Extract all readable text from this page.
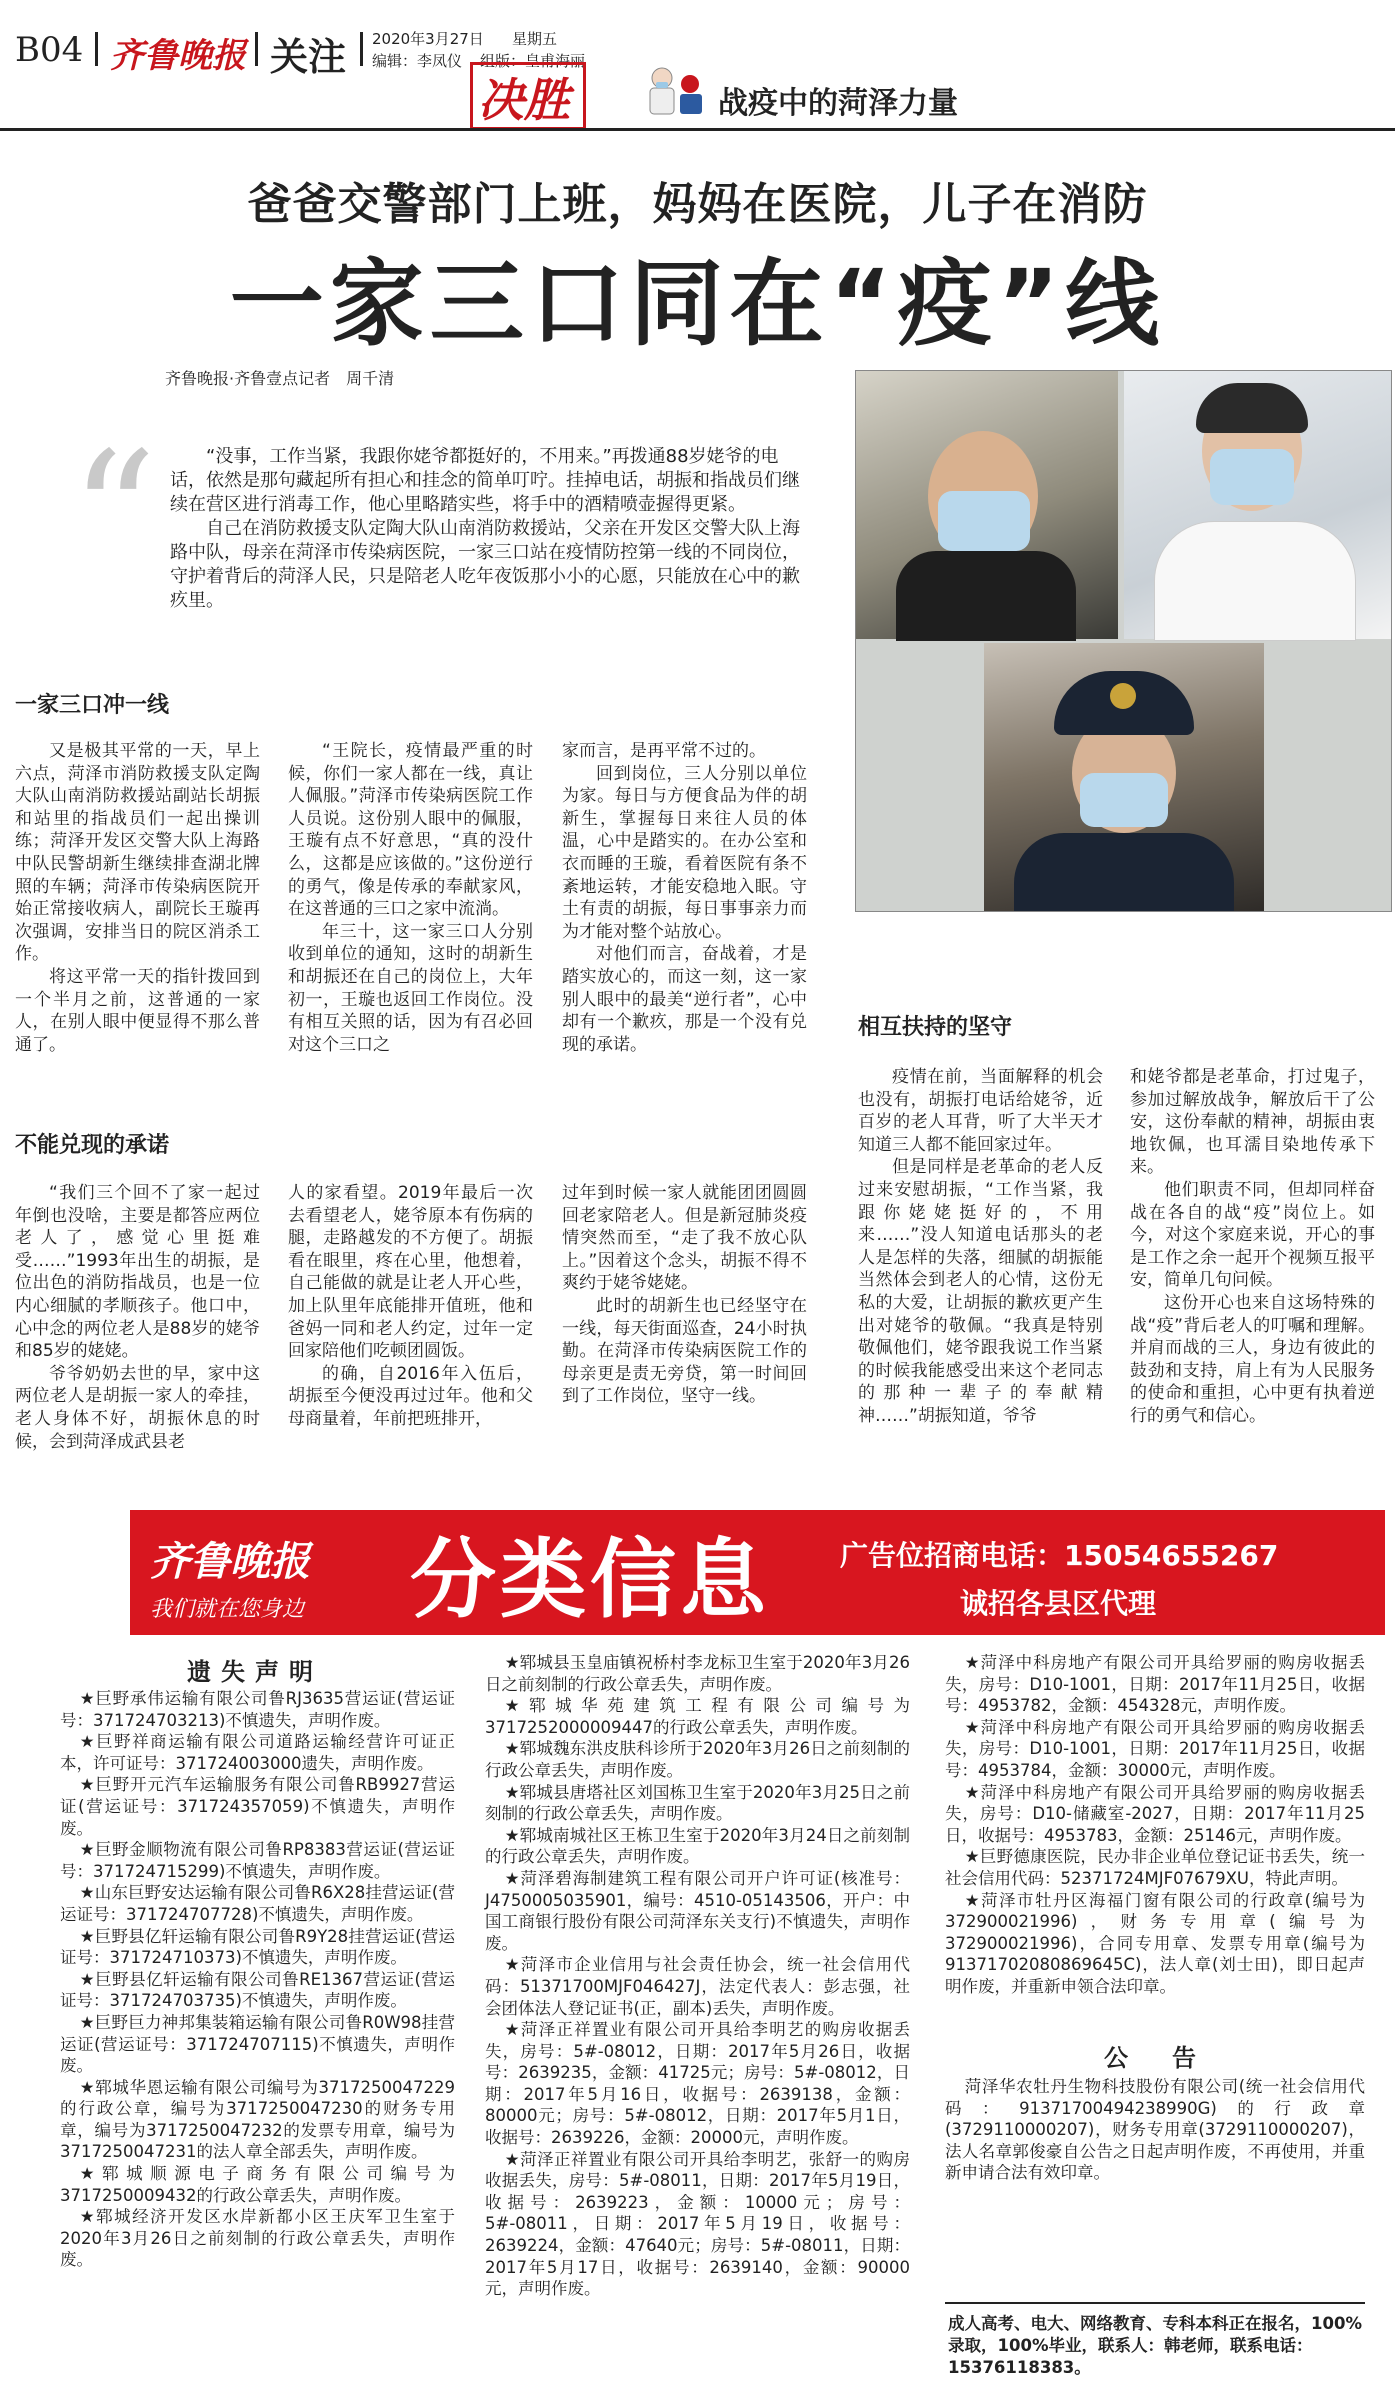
B04 齐鲁晚报 关注 2020年3月27日 星期五
编辑：李凤仪 组版：皇甫海丽
决胜	战疫中的菏泽力量
爸爸交警部门上班，妈妈在医院，儿子在消防
一家三口同在“疫”线
齐鲁晚报·齐鲁壹点记者　周千清
“	“没事，工作当紧，我跟你姥爷都挺好的，不用来。”再拨通88岁姥爷的电话，依然是那句藏起所有担心和挂念的简单叮咛。挂掉电话，胡振和指战员们继续在营区进行消毒工作，他心里略踏实些，将手中的酒精喷壶握得更紧。

自己在消防救援支队定陶大队山南消防救援站，父亲在开发区交警大队上海路中队，母亲在菏泽市传染病医院，一家三口站在疫情防控第一线的不同岗位，守护着背后的菏泽人民，只是陪老人吃年夜饭那小小的心愿，只能放在心中的歉疚里。

一家三口冲一线

又是极其平常的一天，早上六点，菏泽市消防救援支队定陶大队山南消防救援站副站长胡振和站里的指战员们一起出操训练；菏泽开发区交警大队上海路中队民警胡新生继续排查湖北牌照的车辆；菏泽市传染病医院开始正常接收病人，副院长王璇再次强调，安排当日的院区消杀工作。

将这平常一天的指针拨回到一个半月之前，这普通的一家人，在别人眼中便显得不那么普通了。

“王院长，疫情最严重的时候，你们一家人都在一线，真让人佩服。”菏泽市传染病医院工作人员说。这份别人眼中的佩服，王璇有点不好意思，“真的没什么，这都是应该做的。”这份逆行的勇气，像是传承的奉献家风，在这普通的三口之家中流淌。

年三十，这一家三口人分别收到单位的通知，这时的胡新生和胡振还在自己的岗位上，大年初一，王璇也返回工作岗位。没有相互关照的话，因为有召必回对这个三口之

家而言，是再平常不过的。

回到岗位，三人分别以单位为家。每日与方便食品为伴的胡新生，掌握每日来往人员的体温，心中是踏实的。在办公室和衣而睡的王璇，看着医院有条不紊地运转，才能安稳地入眠。守土有责的胡振，每日事事亲力而为才能对整个站放心。

对他们而言，奋战着，才是踏实放心的，而这一刻，这一家别人眼中的最美“逆行者”，心中却有一个歉疚，那是一个没有兑现的承诺。

不能兑现的承诺

“我们三个回不了家一起过年倒也没啥，主要是都答应两位老人了，感觉心里挺难受……”1993年出生的胡振，是位出色的消防指战员，也是一位内心细腻的孝顺孩子。他口中，心中念的两位老人是88岁的姥爷和85岁的姥姥。

爷爷奶奶去世的早，家中这两位老人是胡振一家人的牵挂，老人身体不好，胡振休息的时候，会到菏泽成武县老

人的家看望。2019年最后一次去看望老人，姥爷原本有伤病的腿，走路越发的不方便了。胡振看在眼里，疼在心里，他想着，自己能做的就是让老人开心些，加上队里年底能排开值班，他和爸妈一同和老人约定，过年一定回家陪他们吃顿团圆饭。

的确，自2016年入伍后，胡振至今便没再过过年。他和父母商量着，年前把班排开，

过年到时候一家人就能团团圆圆回老家陪老人。但是新冠肺炎疫情突然而至，“走了我不放心队上。”因着这个念头，胡振不得不爽约于姥爷姥姥。

此时的胡新生也已经坚守在一线，每天街面巡查，24小时执勤。在菏泽市传染病医院工作的母亲更是责无旁贷，第一时间回到了工作岗位，坚守一线。

相互扶持的坚守

疫情在前，当面解释的机会也没有，胡振打电话给姥爷，近百岁的老人耳背，听了大半天才知道三人都不能回家过年。

但是同样是老革命的老人反过来安慰胡振，“工作当紧，我跟你姥姥挺好的，不用来……”没人知道电话那头的老人是怎样的失落，细腻的胡振能当然体会到老人的心情，这份无私的大爱，让胡振的歉疚更产生出对姥爷的敬佩。“我真是特别敬佩他们，姥爷跟我说工作当紧的时候我能感受出来这个老同志的那种一辈子的奉献精神……”胡振知道，爷爷

和姥爷都是老革命，打过鬼子，参加过解放战争，解放后干了公安，这份奉献的精神，胡振由衷地钦佩，也耳濡目染地传承下来。

他们职责不同，但却同样奋战在各自的战“疫”岗位上。如今，对这个家庭来说，开心的事是工作之余一起开个视频互报平安，简单几句问候。

这份开心也来自这场特殊的战“疫”背后老人的叮嘱和理解。并肩而战的三人，身边有彼此的鼓劲和支持，肩上有为人民服务的使命和重担，心中更有执着逆行的勇气和信心。

齐鲁晚报
我们就在您身边 分类信息	广告位招商电话：15054655267
诚招各县区代理
遗失声明

★巨野承伟运输有限公司鲁RJ3635营运证(营运证号：371724703213)不慎遗失，声明作废。

★巨野祥商运输有限公司道路运输经营许可证正本，许可证号：371724003000遗失，声明作废。

★巨野开元汽车运输服务有限公司鲁RB9927营运证(营运证号：371724357059)不慎遗失，声明作废。

★巨野金顺物流有限公司鲁RP8383营运证(营运证号：371724715299)不慎遗失，声明作废。

★山东巨野安达运输有限公司鲁R6X28挂营运证(营运证号：371724707728)不慎遗失，声明作废。

★巨野县亿轩运输有限公司鲁R9Y28挂营运证(营运证号：371724710373)不慎遗失，声明作废。

★巨野县亿轩运输有限公司鲁RE1367营运证(营运证号：371724703735)不慎遗失，声明作废。

★巨野巨力神邦集装箱运输有限公司鲁R0W98挂营运证(营运证号：371724707115)不慎遗失，声明作废。

★郓城华恩运输有限公司编号为3717250047229的行政公章，编号为3717250047230的财务专用章，编号为3717250047232的发票专用章，编号为3717250047231的法人章全部丢失，声明作废。

★郓城顺源电子商务有限公司编号为3717250009432的行政公章丢失，声明作废。

★郓城经济开发区水岸新都小区王庆军卫生室于2020年3月26日之前刻制的行政公章丢失，声明作废。

★郓城县玉皇庙镇祝桥村李龙标卫生室于2020年3月26日之前刻制的行政公章丢失，声明作废。

★郓城华苑建筑工程有限公司编号为3717252000009447的行政公章丢失，声明作废。

★郓城魏东洪皮肤科诊所于2020年3月26日之前刻制的行政公章丢失，声明作废。

★郓城县唐塔社区刘国栋卫生室于2020年3月25日之前刻制的行政公章丢失，声明作废。

★郓城南城社区王栋卫生室于2020年3月24日之前刻制的行政公章丢失，声明作废。

★菏泽碧海制建筑工程有限公司开户许可证(核准号：J4750005035901，编号：4510-05143506，开户：中国工商银行股份有限公司菏泽东关支行)不慎遗失，声明作废。

★菏泽市企业信用与社会责任协会，统一社会信用代码：51371700MJF046427J，法定代表人：彭志强，社会团体法人登记证书(正，副本)丢失，声明作废。

★菏泽正祥置业有限公司开具给李明艺的购房收据丢失，房号：5#-08012，日期：2017年5月26日，收据号：2639235，金额：41725元；房号：5#-08012，日期：2017年5月16日，收据号：2639138，金额：80000元；房号：5#-08012，日期：2017年5月1日，收据号：2639226，金额：20000元，声明作废。

★菏泽正祥置业有限公司开具给李明艺，张舒一的购房收据丢失，房号：5#-08011，日期：2017年5月19日，收据号：2639223，金额：10000元；房号：5#-08011，日期：2017年5月19日，收据号：2639224，金额：47640元；房号：5#-08011，日期：2017年5月17日，收据号：2639140，金额：90000元，声明作废。

★菏泽中科房地产有限公司开具给罗丽的购房收据丢失，房号：D10-1001，日期：2017年11月25日，收据号：4953782，金额：454328元，声明作废。

★菏泽中科房地产有限公司开具给罗丽的购房收据丢失，房号：D10-1001，日期：2017年11月25日，收据号：4953784，金额：30000元，声明作废。

★菏泽中科房地产有限公司开具给罗丽的购房收据丢失，房号：D10-储藏室-2027，日期：2017年11月25日，收据号：4953783，金额：25146元，声明作废。

★巨野德康医院，民办非企业单位登记证书丢失，统一社会信用代码：52371724MJF07679XU，特此声明。

★菏泽市牡丹区海福门窗有限公司的行政章(编号为372900021996)，财务专用章(编号为372900021996)，合同专用章、发票专用章(编号为91371702080869645C)，法人章(刘士田)，即日起声明作废，并重新申领合法印章。

公　告

菏泽华农牡丹生物科技股份有限公司(统一社会信用代码：91371700494238990G)的行政章(3729110000207)，财务专用章(3729110000207)，法人名章郭俊豪自公告之日起声明作废，不再使用，并重新申请合法有效印章。

成人高考、电大、网络教育、专科本科正在报名，100%录取，100%毕业，联系人：韩老师，联系电话：15376118383。
